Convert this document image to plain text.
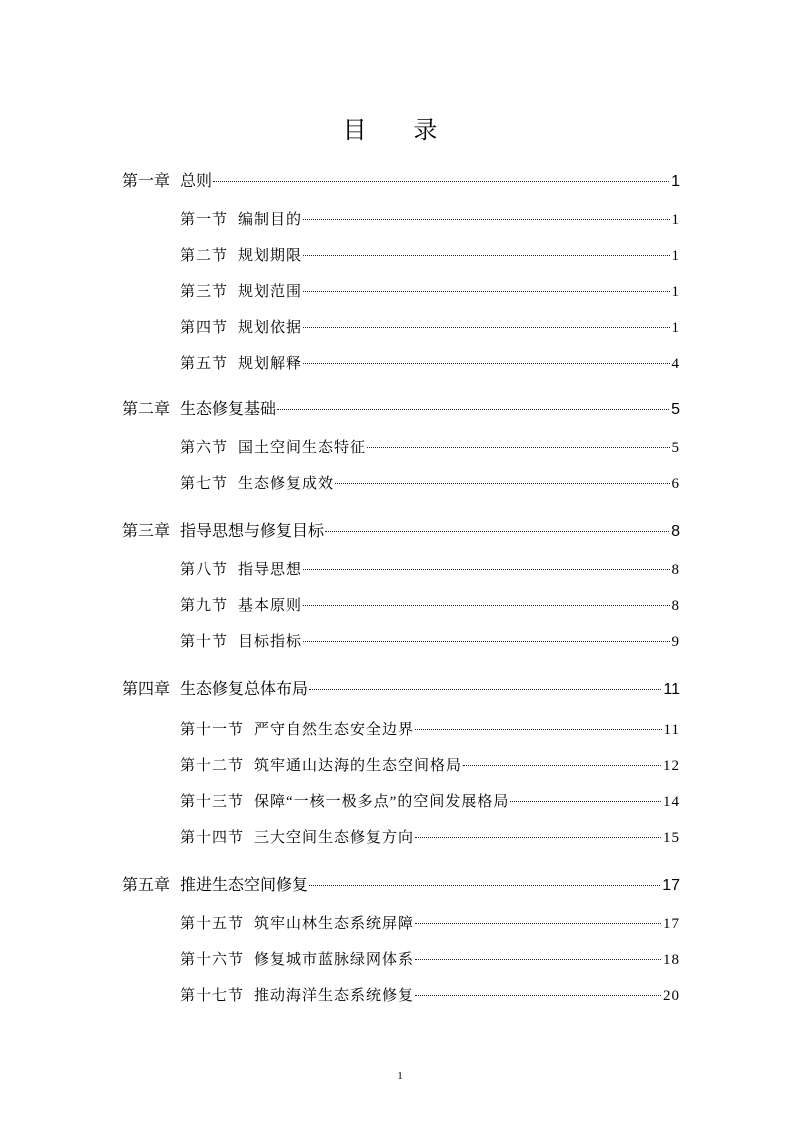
目 录
第一章 总则	1
第一节 编制目的	1
第二节 规划期限	1
第三节 规划范围	1
第四节 规划依据	1
第五节 规划解释	4
第二章 生态修复基础	5
第六节 国土空间生态特征	5
第七节 生态修复成效	6
第三章 指导思想与修复目标	8
第八节 指导思想	8
第九节 基本原则	8
第十节 目标指标	9
第四章 生态修复总体布局	11
第十一节 严守自然生态安全边界	11
第十二节 筑牢通山达海的生态空间格局	12
第十三节 保障“一核一极多点”的空间发展格局	14
第十四节 三大空间生态修复方向	15
第五章 推进生态空间修复	17
第十五节 筑牢山林生态系统屏障	17
第十六节 修复城市蓝脉绿网体系	18
第十七节 推动海洋生态系统修复	20
1
